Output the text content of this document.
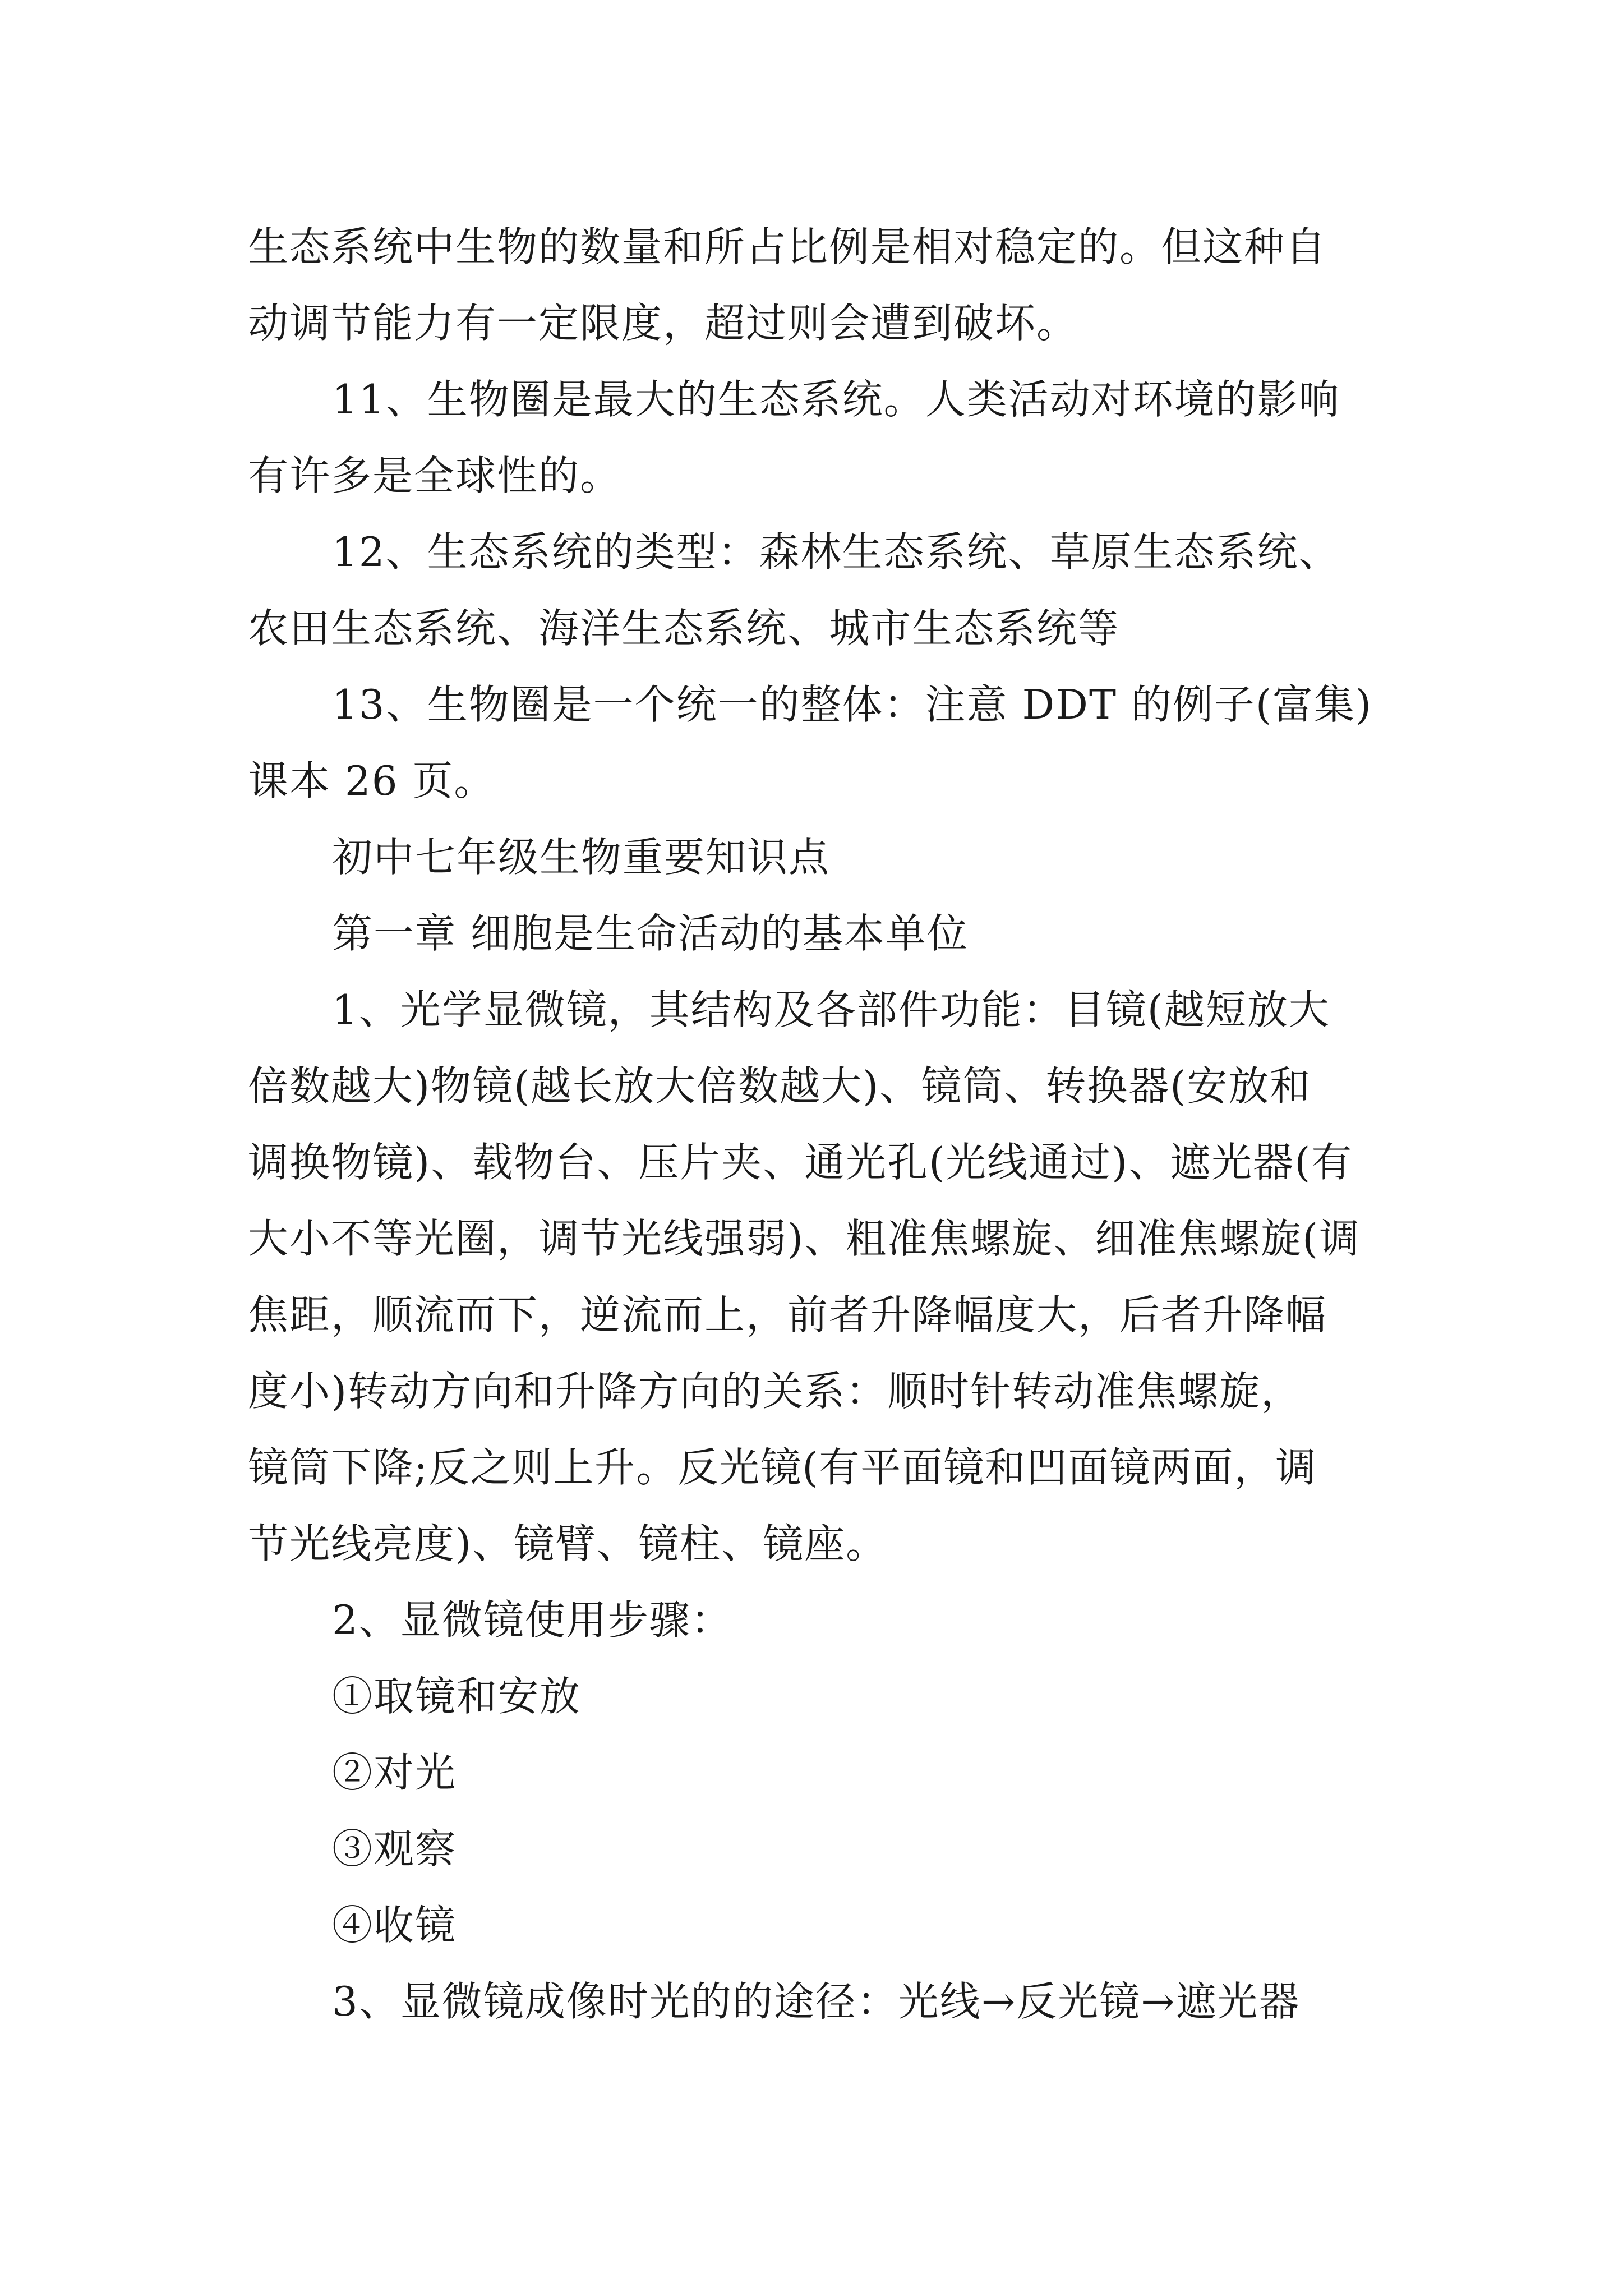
生态系统中生物的数量和所占比例是相对稳定的。但这种自
动调节能力有一定限度，超过则会遭到破坏。
11、生物圈是最大的生态系统。人类活动对环境的影响
有许多是全球性的。
12、生态系统的类型：森林生态系统、草原生态系统、
农田生态系统、海洋生态系统、城市生态系统等
13、生物圈是一个统一的整体：注意 DDT 的例子(富集)
课本 26 页。
初中七年级生物重要知识点
第一章 细胞是生命活动的基本单位
1、光学显微镜，其结构及各部件功能：目镜(越短放大
倍数越大)物镜(越长放大倍数越大)、镜筒、转换器(安放和
调换物镜)、载物台、压片夹、通光孔(光线通过)、遮光器(有
大小不等光圈，调节光线强弱)、粗准焦螺旋、细准焦螺旋(调
焦距，顺流而下，逆流而上，前者升降幅度大，后者升降幅
度小)转动方向和升降方向的关系：顺时针转动准焦螺旋，
镜筒下降;反之则上升。反光镜(有平面镜和凹面镜两面，调
节光线亮度)、镜臂、镜柱、镜座。
2、显微镜使用步骤：
①取镜和安放
②对光
③观察
④收镜
3、显微镜成像时光的的途径：光线→反光镜→遮光器
